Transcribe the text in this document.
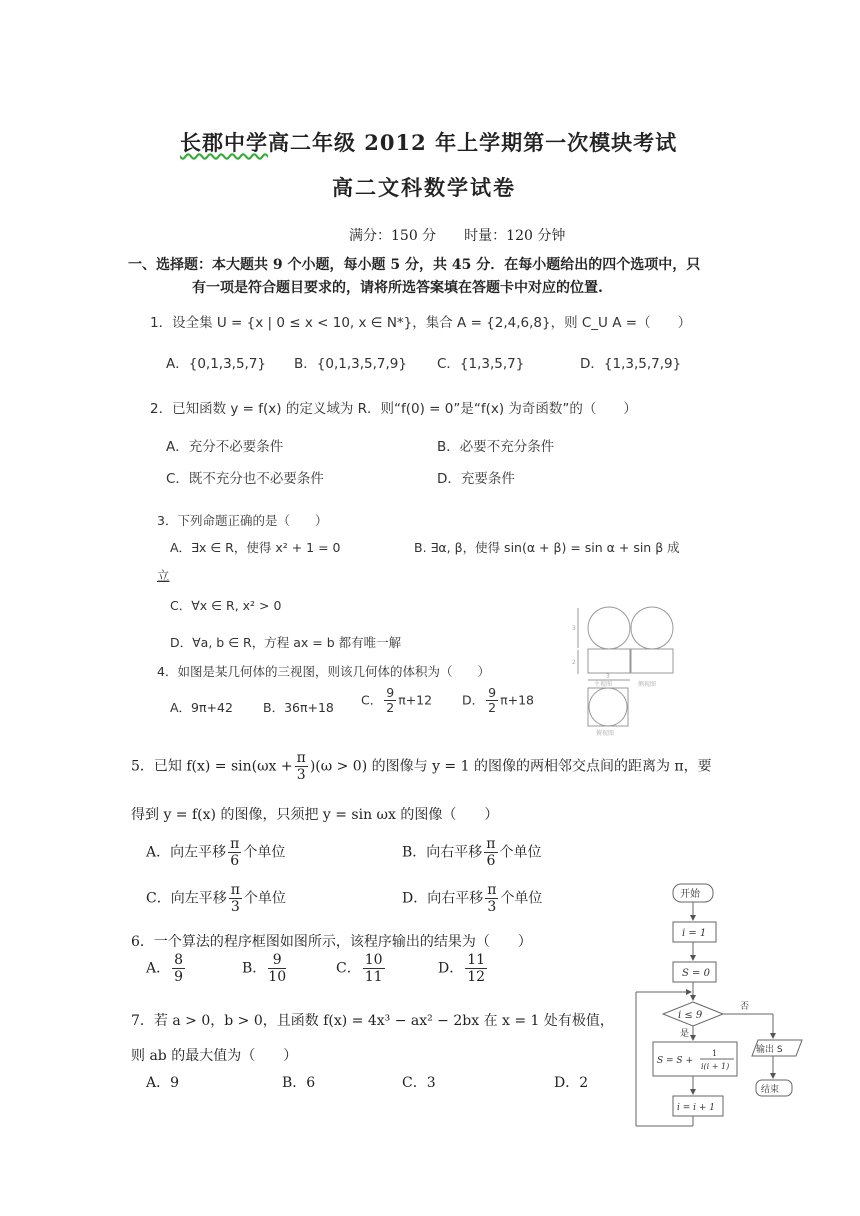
长郡中学高二年级 2012 年上学期第一次模块考试
高二文科数学试卷
满分：150 分　　时量：120 分钟
一、选择题：本大题共 9 个小题，每小题 5 分，共 45 分．在每小题给出的四个选项中，只
有一项是符合题目要求的，请将所选答案填在答题卡中对应的位置.
1．设全集 U = {x | 0 ≤ x < 10, x ∈ N*}，集合 A = {2,4,6,8}，则 C_U A =（　　）
A．{0,1,3,5,7} B．{0,1,3,5,7,9} C．{1,3,5,7}	D．{1,3,5,7,9}
2．已知函数 y = f(x) 的定义域为 R．则“f(0) = 0”是“f(x) 为奇函数”的（　　）
A．充分不必要条件	B．必要不充分条件
C．既不充分也不必要条件	D．充要条件
3．下列命题正确的是（　　）
A．∃x ∈ R，使得 x² + 1 = 0	B. ∃α, β，使得 sin(α + β) = sin α + sin β 成
立
C．∀x ∈ R, x² > 0
D．∀a, b ∈ R，方程 ax = b 都有唯一解
4．如图是某几何体的三视图，则该几何体的体积为（　　）
A．9π+42 B．36π+18
C． $\frac{9}{2} \pi+12$ D． $\frac{9}{2} \pi+18$
3
2
3
主视图	侧视图
俯视图
5．已知 $f(x) = \sin(\omega x + \frac{\pi}{3} )(\omega > 0)$ 的图像与 y = 1 的图像的两相邻交点间的距离为 π，要
得到 y = f(x) 的图像，只须把 y = sin ωx 的图像（　　）
A．向左平移 $\frac{\pi}{6}$ 个单位	B．向右平移 $\frac{\pi}{6}$ 个单位
C．向左平移 $\frac{\pi}{3}$ 个单位	D．向右平移 $\frac{\pi}{3}$ 个单位
6．一个算法的程序框图如图所示，该程序输出的结果为（　　）
A． $\frac{8}{9}$	B． $\frac{9}{10}$	C． $\frac{10}{11}$	D． $\frac{11}{12}$
7．若 a > 0，b > 0，且函数 f(x) = 4x³ − ax² − 2bx 在 x = 1 处有极值，
则 ab 的最大值为（　　）
A．9	B．6	C．3	D．2
开始
i = 1
S = 0
i ≤ 9
否
是
S = S +
1
i(i + 1)
输出 S
结束
i = i + 1
